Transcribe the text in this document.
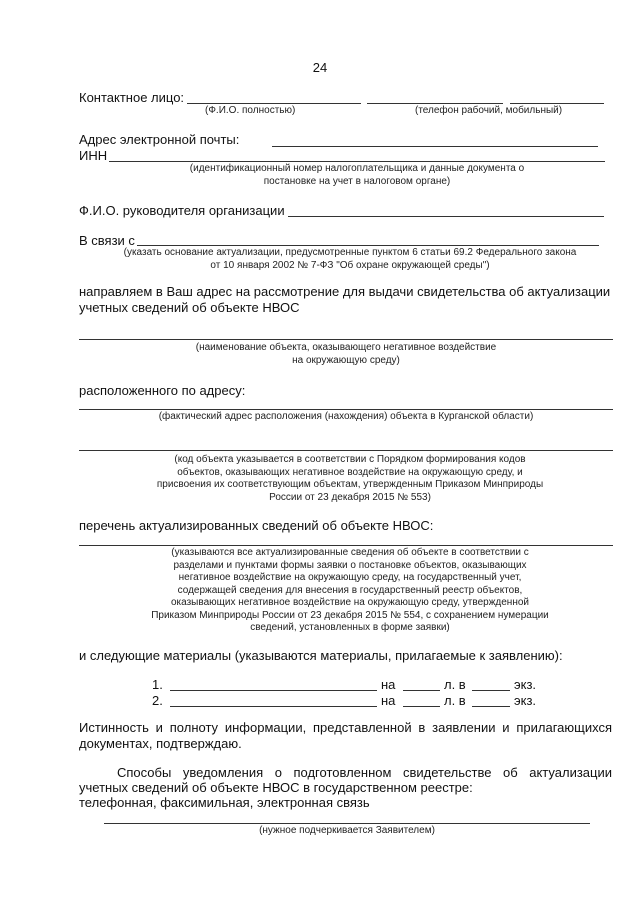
24
Контактное лицо:
(Ф.И.О. полностью)	(телефон рабочий, мобильный)
Адрес электронной почты:
ИНН
(идентификационный номер налогоплательщика и данные документа о
постановке на учет в налоговом органе)
Ф.И.О. руководителя организации
В связи с
(указать основание актуализации, предусмотренные пунктом 6 статьи 69.2 Федерального закона
от 10 января 2002 № 7-ФЗ "Об охране окружающей среды")
направляем в Ваш адрес на рассмотрение для выдачи свидетельства об актуализации
учетных сведений об объекте НВОС
(наименование объекта, оказывающего негативное воздействие
на окружающую среду)
расположенного по адресу:
(фактический адрес расположения (нахождения) объекта в Курганской области)
(код объекта указывается в соответствии с Порядком формирования кодов
объектов, оказывающих негативное воздействие на окружающую среду, и
присвоения их соответствующим объектам, утвержденным Приказом Минприроды
России от 23 декабря 2015 № 553)
перечень актуализированных сведений об объекте НВОС:
(указываются все актуализированные сведения об объекте в соответствии с
разделами и пунктами формы заявки о постановке объектов, оказывающих
негативное воздействие на окружающую среду, на государственный учет,
содержащей сведения для внесения в государственный реестр объектов,
оказывающих негативное воздействие на окружающую среду, утвержденной
Приказом Минприроды России от 23 декабря 2015 № 554, с сохранением нумерации
сведений, установленных в форме заявки)
и следующие материалы (указываются материалы, прилагаемые к заявлению):
1.	на	л. в	экз.
2.	на	л. в	экз.
Истинность и полноту информации, представленной в заявлении и прилагающихся документах, подтверждаю.
Способы уведомления о подготовленном свидетельстве об актуализации
учетных сведений об объекте НВОС в государственном реестре:
телефонная, факсимильная, электронная связь
(нужное подчеркивается Заявителем)
